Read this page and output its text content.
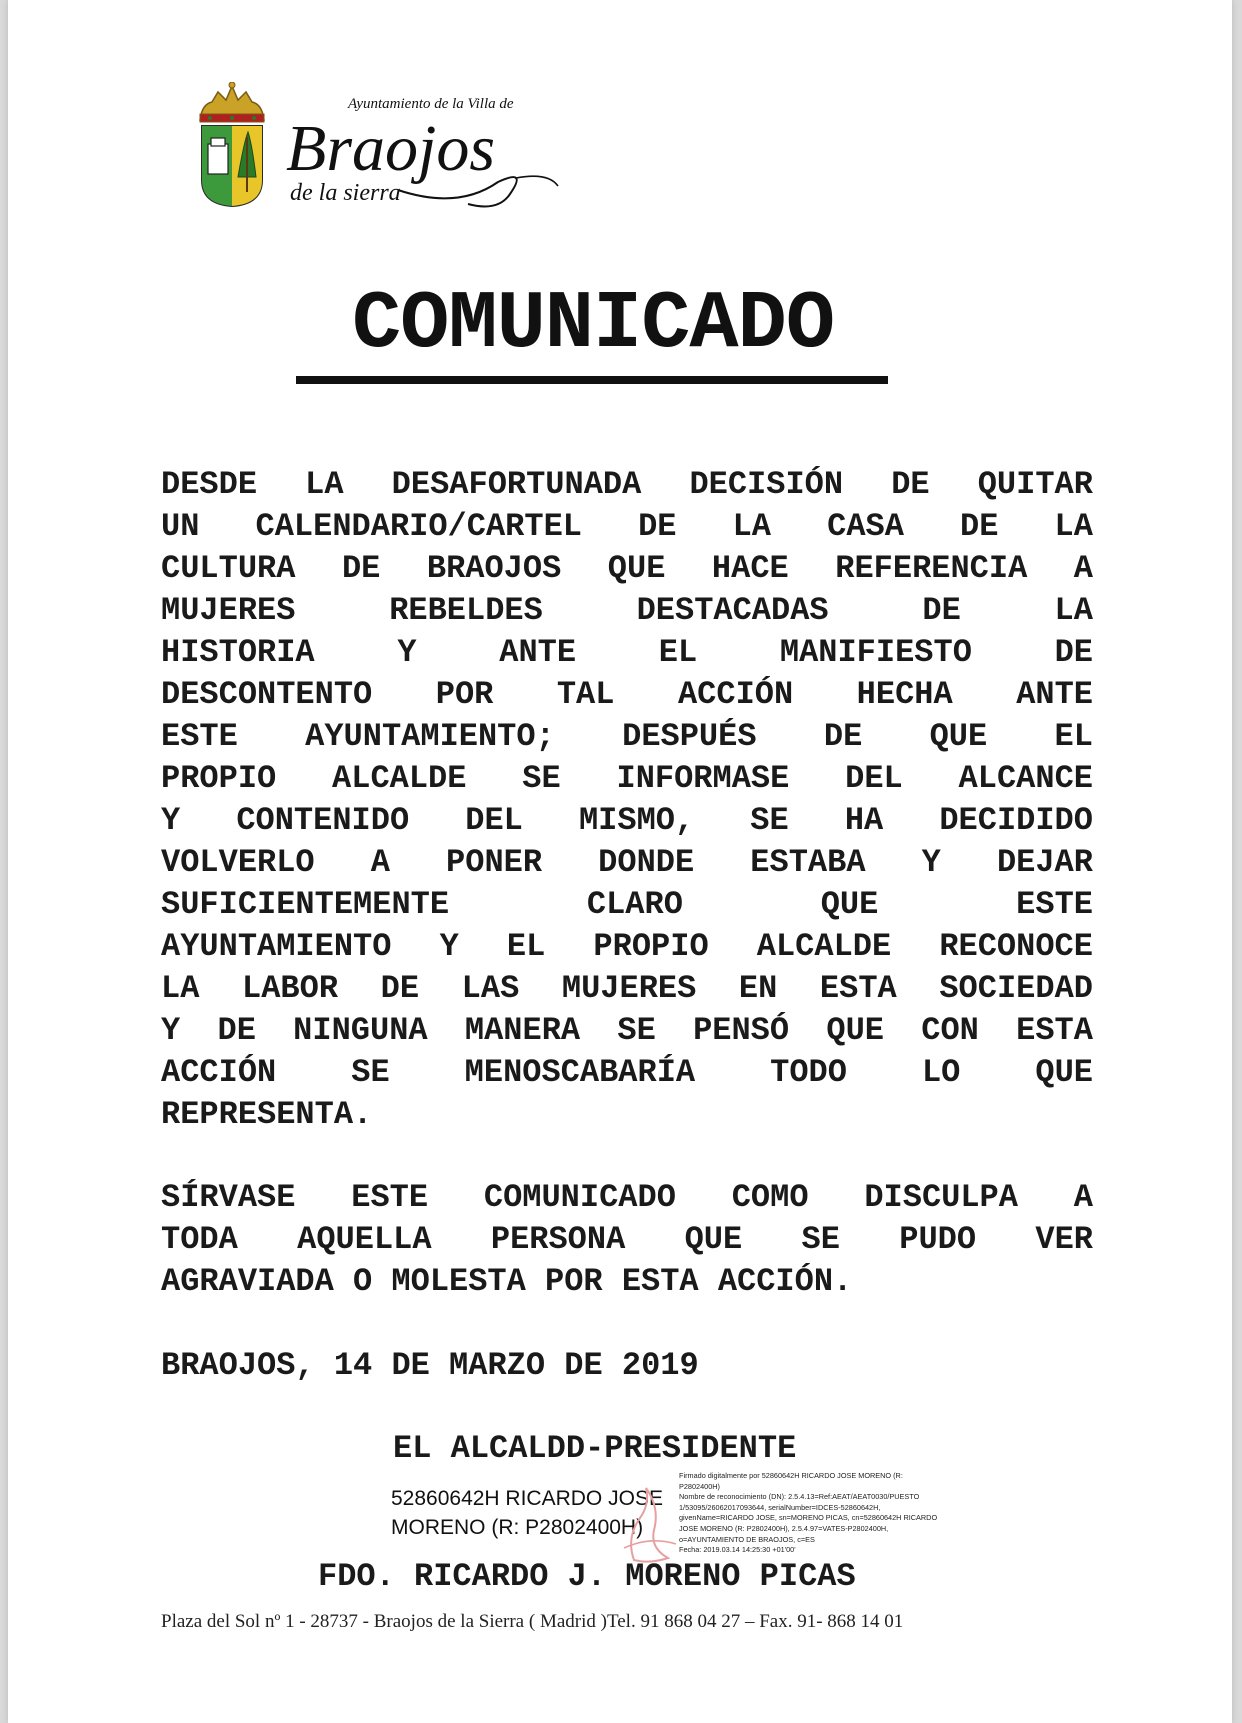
Ayuntamiento de la Villa de
Braojos
de la sierra
COMUNICADO
DESDE LA DESAFORTUNADA DECISIÓN DE QUITAR
UN CALENDARIO/CARTEL DE LA CASA DE LA
CULTURA DE BRAOJOS QUE HACE REFERENCIA A
MUJERES	REBELDES	DESTACADAS	DE	LA
HISTORIA	Y	ANTE	EL	MANIFIESTO	DE
DESCONTENTO POR TAL ACCIÓN HECHA ANTE
ESTE AYUNTAMIENTO; DESPUÉS DE QUE EL
PROPIO ALCALDE SE INFORMASE DEL ALCANCE
Y CONTENIDO DEL MISMO, SE HA DECIDIDO
VOLVERLO A PONER DONDE ESTABA Y DEJAR
SUFICIENTEMENTE	CLARO	QUE	ESTE
AYUNTAMIENTO Y EL PROPIO ALCALDE RECONOCE
LA LABOR DE LAS MUJERES EN ESTA SOCIEDAD
Y DE NINGUNA MANERA SE PENSÓ QUE CON ESTA
ACCIÓN SE MENOSCABARÍA TODO LO QUE
REPRESENTA.
SÍRVASE ESTE COMUNICADO COMO DISCULPA A
TODA AQUELLA PERSONA QUE SE PUDO VER
AGRAVIADA O MOLESTA POR ESTA ACCIÓN.
BRAOJOS, 14 DE MARZO DE 2019
EL ALCALDD-PRESIDENTE
52860642H RICARDO JOSE
MORENO (R: P2802400H)
Firmado digitalmente por 52860642H RICARDO JOSE MORENO (R:
P2802400H)
Nombre de reconocimiento (DN): 2.5.4.13=Ref:AEAT/AEAT0030/PUESTO
1/53095/26062017093644, serialNumber=IDCES-52860642H,
givenName=RICARDO JOSE, sn=MORENO PICAS, cn=52860642H RICARDO
JOSE MORENO (R: P2802400H), 2.5.4.97=VATES-P2802400H,
o=AYUNTAMIENTO DE BRAOJOS, c=ES
Fecha: 2019.03.14 14:25:30 +01'00'
FDO. RICARDO J. MORENO PICAS
Plaza del Sol nº 1 - 28737 - Braojos de la Sierra ( Madrid )Tel. 91 868 04 27 – Fax. 91- 868 14 01
